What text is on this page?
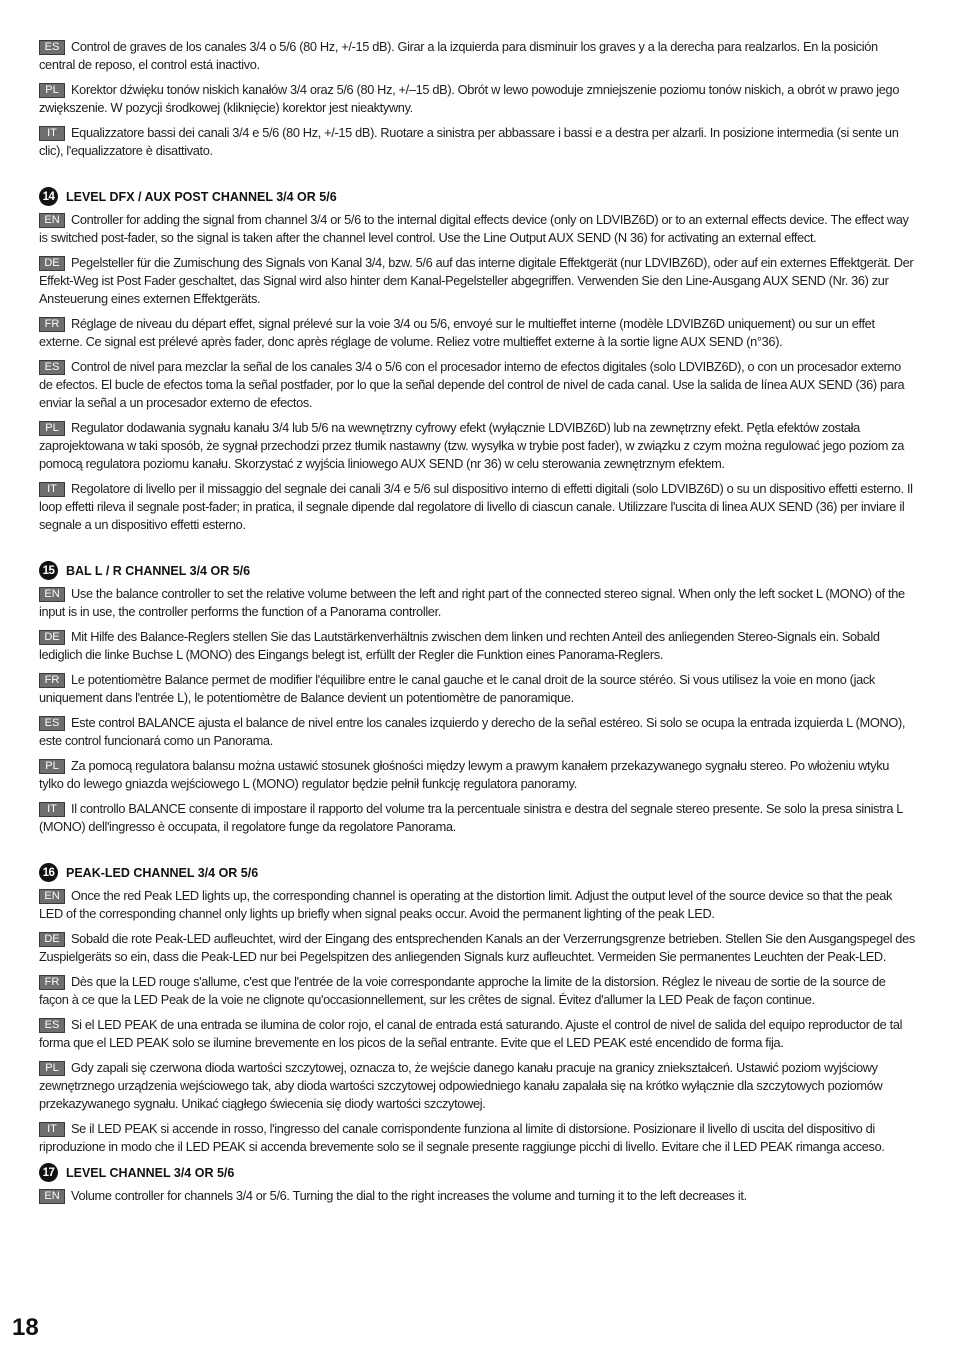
ES Control de graves de los canales 3/4 o 5/6 (80 Hz, +/-15 dB). Girar a la izquierda para disminuir los graves y a la derecha para realzarlos. En la posición central de reposo, el control está inactivo.

PL Korektor dźwięku tonów niskich kanałów 3/4 oraz 5/6 (80 Hz, +/–15 dB). Obrót w lewo powoduje zmniejszenie poziomu tonów niskich, a obrót w prawo jego zwiększenie. W pozycji środkowej (kliknięcie) korektor jest nieaktywny.

IT Equalizzatore bassi dei canali 3/4 e 5/6 (80 Hz, +/-15 dB). Ruotare a sinistra per abbassare i bassi e a destra per alzarli. In posizione intermedia (si sente un clic), l'equalizzatore è disattivato.

14 LEVEL DFX / AUX POST CHANNEL 3/4 OR 5/6

EN Controller for adding the signal from channel 3/4 or 5/6 to the internal digital effects device (only on LDVIBZ6D) or to an external effects device. The effect way is switched post-fader, so the signal is taken after the channel level control. Use the Line Output AUX SEND (N 36) for activating an external effect.

DE Pegelsteller für die Zumischung des Signals von Kanal 3/4, bzw. 5/6 auf das interne digitale Effektgerät (nur LDVIBZ6D), oder auf ein externes Effektgerät. Der Effekt-Weg ist Post Fader geschaltet, das Signal wird also hinter dem Kanal-Pegelsteller abgegriffen. Verwenden Sie den Line-Ausgang AUX SEND (Nr. 36) zur Ansteuerung eines externen Effektgeräts.

FR Réglage de niveau du départ effet, signal prélevé sur la voie 3/4 ou 5/6, envoyé sur le multieffet interne (modèle LDVIBZ6D uniquement) ou sur un effet externe. Ce signal est prélevé après fader, donc après réglage de volume. Reliez votre multieffet externe à la sortie ligne AUX SEND (n°36).

ES Control de nivel para mezclar la señal de los canales 3/4 o 5/6 con el procesador interno de efectos digitales (solo LDVIBZ6D), o con un procesador externo de efectos. El bucle de efectos toma la señal postfader, por lo que la señal depende del control de nivel de cada canal. Use la salida de línea AUX SEND (36) para enviar la señal a un procesador externo de efectos.

PL Regulator dodawania sygnału kanału 3/4 lub 5/6 na wewnętrzny cyfrowy efekt (wyłącznie LDVIBZ6D) lub na zewnętrzny efekt. Pętla efektów została zaprojektowana w taki sposób, że sygnał przechodzi przez tłumik nastawny (tzw. wysyłka w trybie post fader), w związku z czym można regulować jego poziom za pomocą regulatora poziomu kanału. Skorzystać z wyjścia liniowego AUX SEND (nr 36) w celu sterowania zewnętrznym efektem.

IT Regolatore di livello per il missaggio del segnale dei canali 3/4 e 5/6 sul dispositivo interno di effetti digitali (solo LDVIBZ6D) o su un dispositivo effetti esterno. Il loop effetti rileva il segnale post-fader; in pratica, il segnale dipende dal regolatore di livello di ciascun canale. Utilizzare l'uscita di linea AUX SEND (36) per inviare il segnale a un dispositivo effetti esterno.

15 BAL L / R CHANNEL 3/4 OR 5/6

EN Use the balance controller to set the relative volume between the left and right part of the connected stereo signal. When only the left socket L (MONO) of the input is in use, the controller performs the function of a Panorama controller.

DE Mit Hilfe des Balance-Reglers stellen Sie das Lautstärkenverhältnis zwischen dem linken und rechten Anteil des anliegenden Stereo-Signals ein. Sobald lediglich die linke Buchse L (MONO) des Eingangs belegt ist, erfüllt der Regler die Funktion eines Panorama-Reglers.

FR Le potentiomètre Balance permet de modifier l'équilibre entre le canal gauche et le canal droit de la source stéréo. Si vous utilisez la voie en mono (jack uniquement dans l'entrée L), le potentiomètre de Balance devient un potentiomètre de panoramique.

ES Este control BALANCE ajusta el balance de nivel entre los canales izquierdo y derecho de la señal estéreo. Si solo se ocupa la entrada izquierda L (MONO), este control funcionará como un Panorama.

PL Za pomocą regulatora balansu można ustawić stosunek głośności między lewym a prawym kanałem przekazywanego sygnału stereo. Po włożeniu wtyku tylko do lewego gniazda wejściowego L (MONO) regulator będzie pełnił funkcję regulatora panoramy.

IT Il controllo BALANCE consente di impostare il rapporto del volume tra la percentuale sinistra e destra del segnale stereo presente. Se solo la presa sinistra L (MONO) dell'ingresso è occupata, il regolatore funge da regolatore Panorama.

16 PEAK-LED CHANNEL 3/4 OR 5/6

EN Once the red Peak LED lights up, the corresponding channel is operating at the distortion limit. Adjust the output level of the source device so that the peak LED of the corresponding channel only lights up briefly when signal peaks occur. Avoid the permanent lighting of the peak LED.

DE Sobald die rote Peak-LED aufleuchtet, wird der Eingang des entsprechenden Kanals an der Verzerrungsgrenze betrieben. Stellen Sie den Ausgangspegel des Zuspielgeräts so ein, dass die Peak-LED nur bei Pegelspitzen des anliegenden Signals kurz aufleuchtet. Vermeiden Sie permanentes Leuchten der Peak-LED.

FR Dès que la LED rouge s'allume, c'est que l'entrée de la voie correspondante approche la limite de la distorsion. Réglez le niveau de sortie de la source de façon à ce que la LED Peak de la voie ne clignote qu'occasionnellement, sur les crêtes de signal. Évitez d'allumer la LED Peak de façon continue.

ES Si el LED PEAK de una entrada se ilumina de color rojo, el canal de entrada está saturando. Ajuste el control de nivel de salida del equipo reproductor de tal forma que el LED PEAK solo se ilumine brevemente en los picos de la señal entrante. Evite que el LED PEAK esté encendido de forma fija.

PL Gdy zapali się czerwona dioda wartości szczytowej, oznacza to, że wejście danego kanału pracuje na granicy zniekształceń. Ustawić poziom wyjściowy zewnętrznego urządzenia wejściowego tak, aby dioda wartości szczytowej odpowiedniego kanału zapalała się na krótko wyłącznie dla szczytowych poziomów przekazywanego sygnału. Unikać ciągłego świecenia się diody wartości szczytowej.

IT Se il LED PEAK si accende in rosso, l'ingresso del canale corrispondente funziona al limite di distorsione. Posizionare il livello di uscita del dispositivo di riproduzione in modo che il LED PEAK si accenda brevemente solo se il segnale presente raggiunge picchi di livello. Evitare che il LED PEAK rimanga acceso.

17 LEVEL CHANNEL 3/4 OR 5/6

EN Volume controller for channels 3/4 or 5/6. Turning the dial to the right increases the volume and turning it to the left decreases it.

18
